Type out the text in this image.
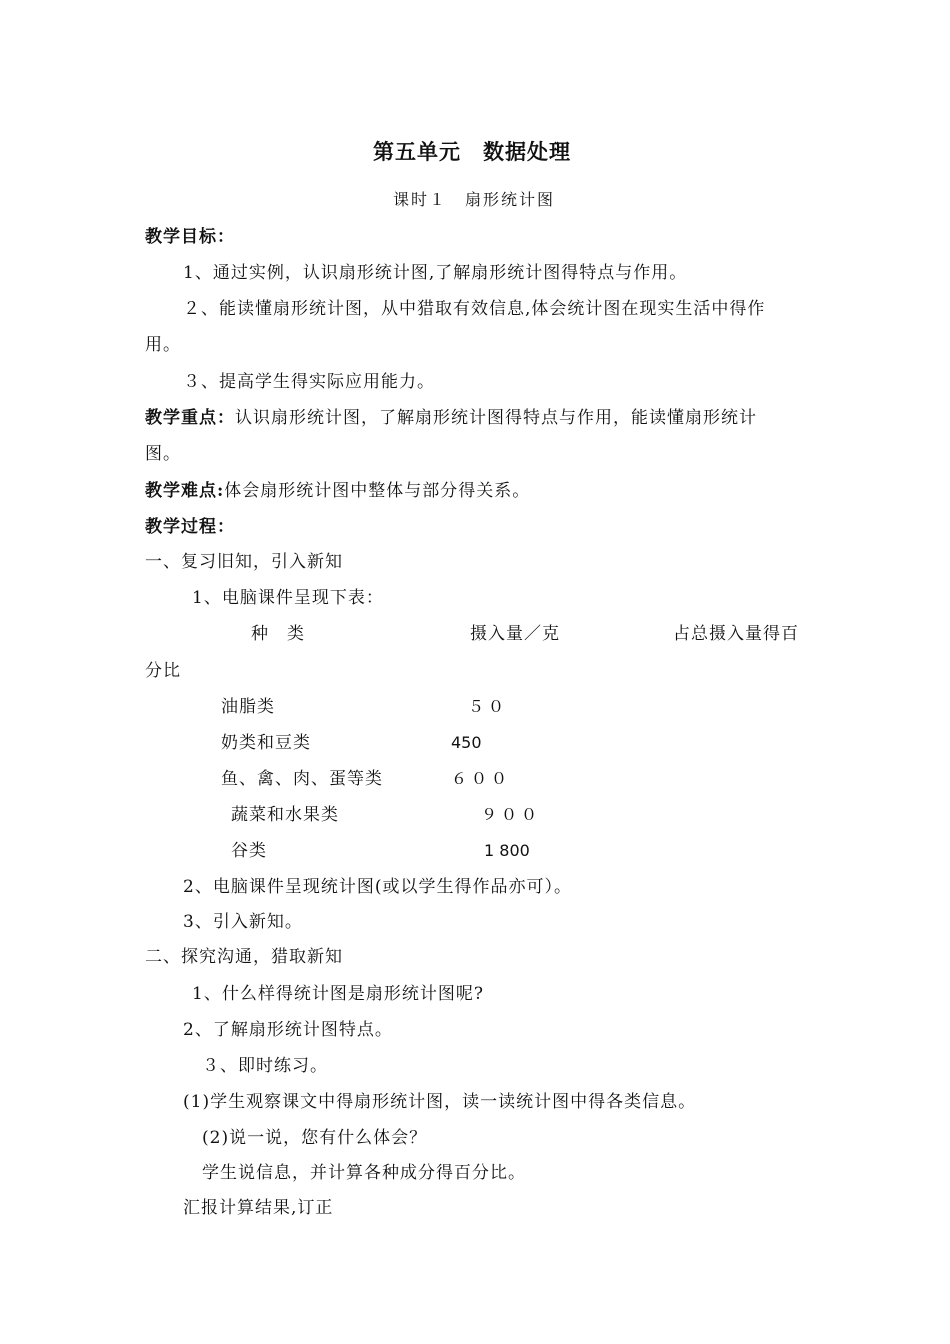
第五单元　数据处理
课时１　扇形统计图
教学目标：
1、通过实例，认识扇形统计图,了解扇形统计图得特点与作用。
２、能读懂扇形统计图，从中猎取有效信息,体会统计图在现实生活中得作
用。
３、提高学生得实际应用能力。
教学重点：认识扇形统计图，了解扇形统计图得特点与作用，能读懂扇形统计
图。
教学难点:体会扇形统计图中整体与部分得关系。
教学过程：
一、复习旧知，引入新知
1、电脑课件呈现下表：
种　类	摄入量／克	占总摄入量得百
分比
油脂类	５０
奶类和豆类	450
鱼、禽、肉、蛋等类	６００
蔬菜和水果类	９００
谷类	1 800
2、电脑课件呈现统计图(或以学生得作品亦可）。
3、引入新知。
二、探究沟通，猎取新知
1、什么样得统计图是扇形统计图呢?
2、了解扇形统计图特点。
３、即时练习。
(1)学生观察课文中得扇形统计图，读一读统计图中得各类信息。
(2)说一说，您有什么体会？
学生说信息，并计算各种成分得百分比。
汇报计算结果,订正
